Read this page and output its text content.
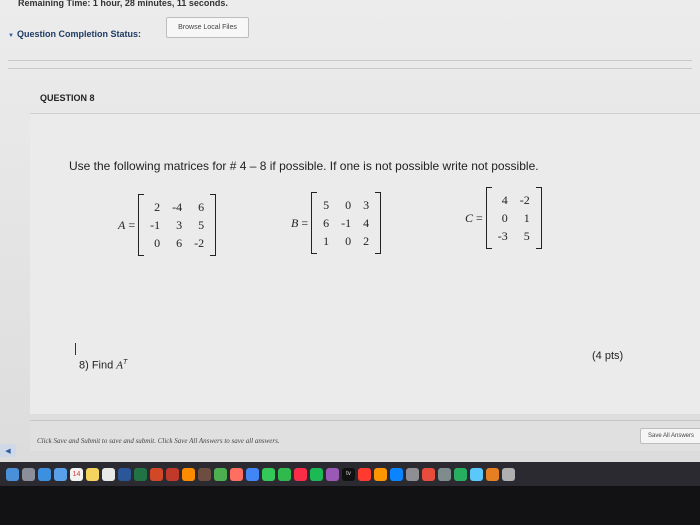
Remaining Time: 1 hour, 28 minutes, 11 seconds.
Browse Local Files
▼ Question Completion Status:
QUESTION 8
Use the following matrices for # 4 – 8 if possible. If one is not possible write not possible.
A =
2	-4	6
-1	3	5
0	6	-2
B =
5	0	3
6	-1	4
1	0	2
C =
4	-2
0	1
-3	5
8) Find $A^T$
(4 pts)
Click Save and Submit to save and submit. Click Save All Answers to save all answers.
Save All Answers
◀
14	tv
